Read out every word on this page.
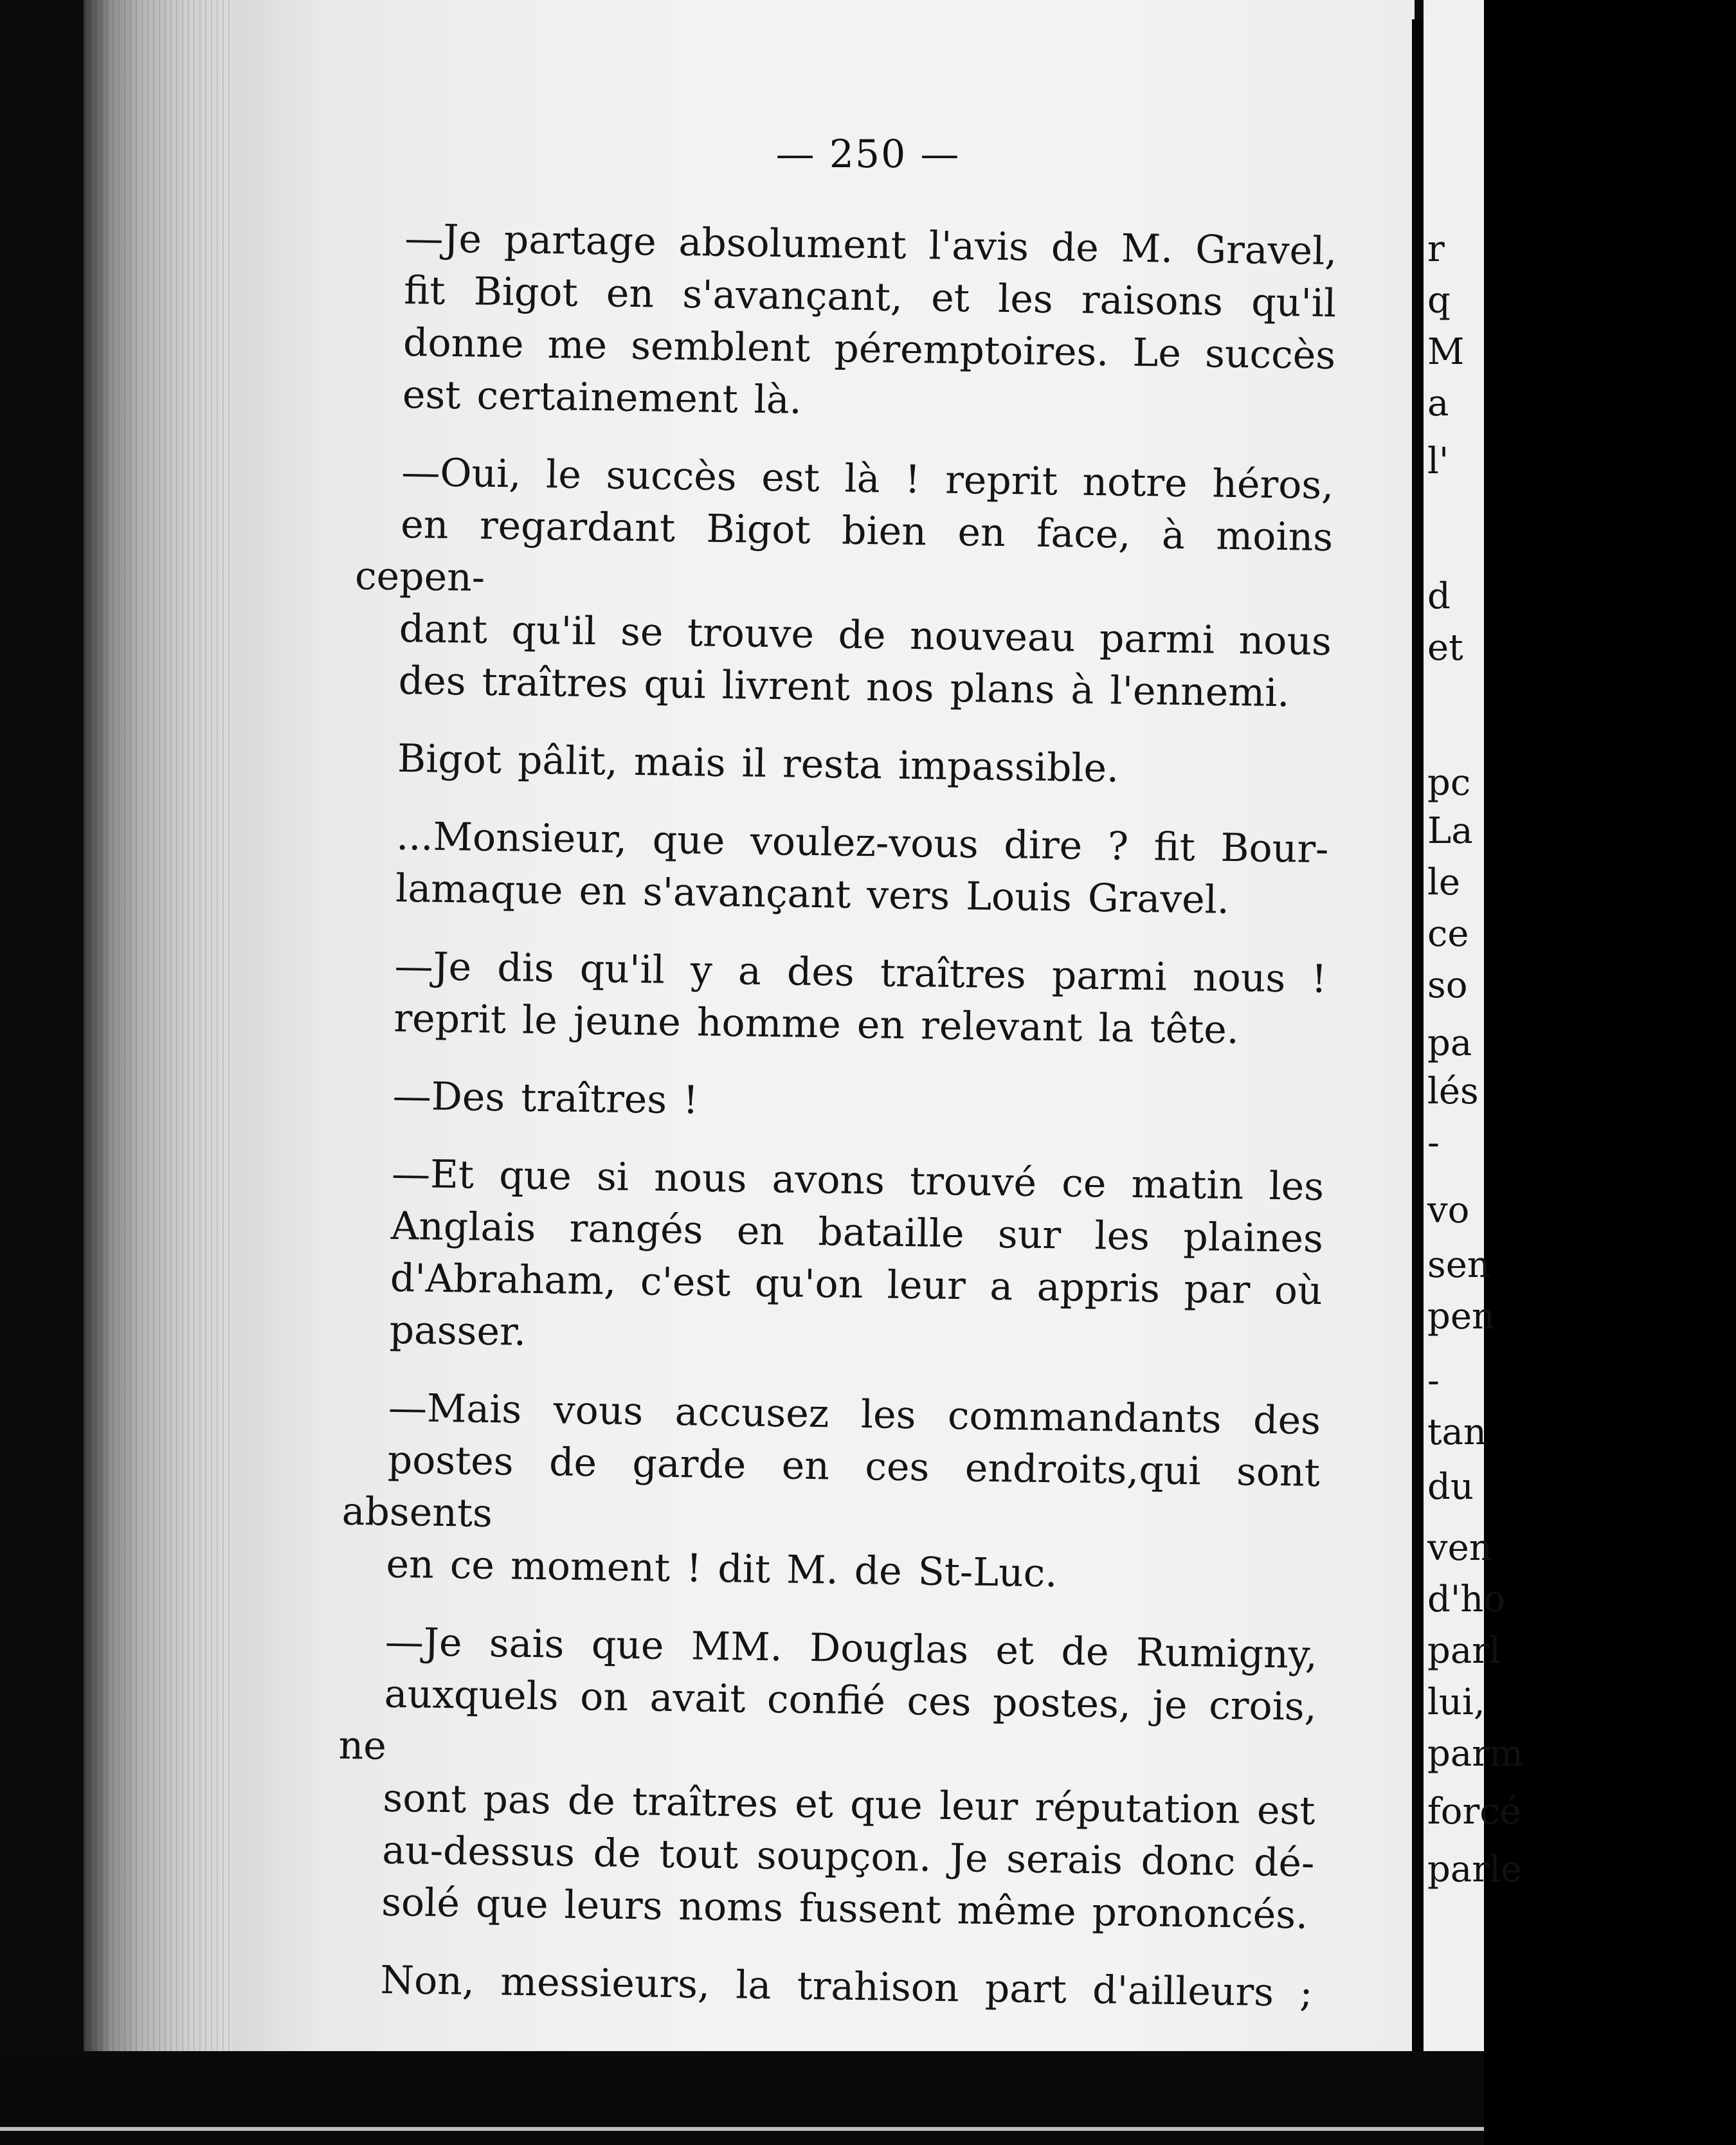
— 250 —

—Je partage absolument l'avis de M. Gravel,
fit Bigot en s'avançant, et les raisons qu'il
donne me semblent péremptoires. Le succès
est certainement là.

—Oui, le succès est là ! reprit notre héros,
en regardant Bigot bien en face, à moins cepen-
dant qu'il se trouve de nouveau parmi nous
des traîtres qui livrent nos plans à l'ennemi.

Bigot pâlit, mais il resta impassible.

...Monsieur, que voulez-vous dire ? fit Bour-
lamaque en s'avançant vers Louis Gravel.

—Je dis qu'il y a des traîtres parmi nous !
reprit le jeune homme en relevant la tête.

—Des traîtres !

—Et que si nous avons trouvé ce matin les
Anglais rangés en bataille sur les plaines
d'Abraham, c'est qu'on leur a appris par où
passer.

—Mais vous accusez les commandants des
postes de garde en ces endroits,qui sont absents
en ce moment ! dit M. de St-Luc.

—Je sais que MM. Douglas et de Rumigny,
auxquels on avait confié ces postes, je crois, ne
sont pas de traîtres et que leur réputation est
au-dessus de tout soupçon. Je serais donc dé-
solé que leurs noms fussent même prononcés.

Non, messieurs, la trahison part d'ailleurs ;

r
q
M
a
l'
d
et
pc
La
le
ce
so
pa
lés
-
vo
sen
pen
-
tan
du
ven
d'ho
parl
lui,
parm
forcé
parle
